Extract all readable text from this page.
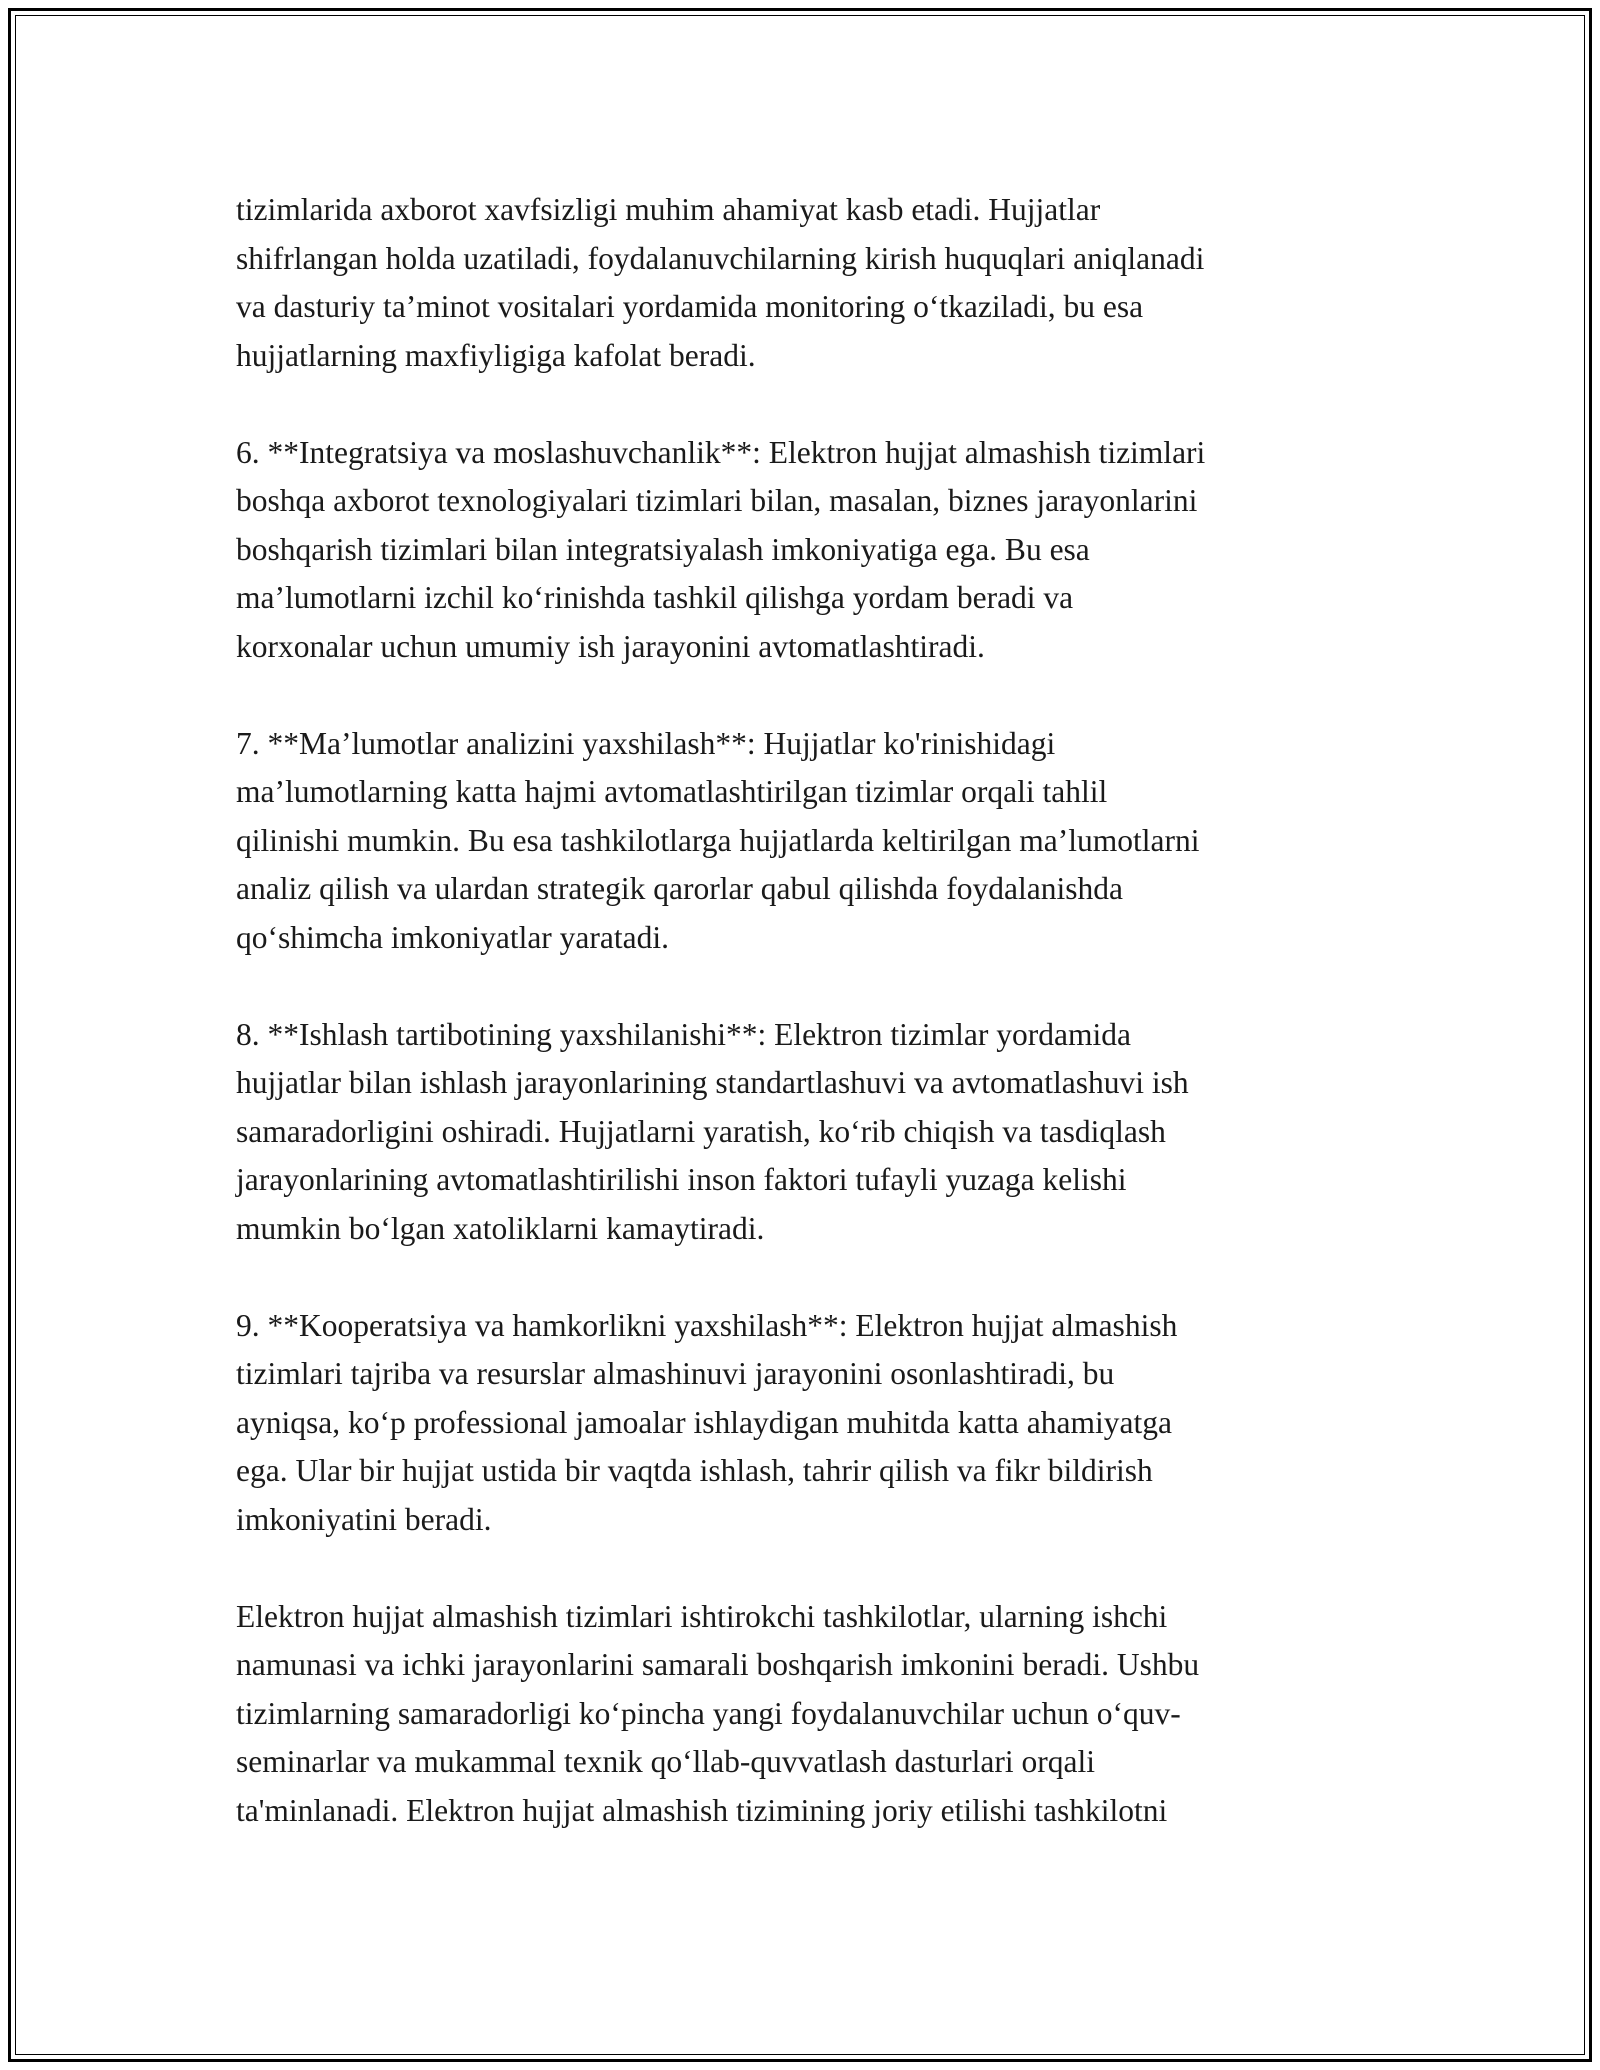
tizimlarida axborot xavfsizligi muhim ahamiyat kasb etadi. Hujjatlar
shifrlangan holda uzatiladi, foydalanuvchilarning kirish huquqlari aniqlanadi
va dasturiy ta’minot vositalari yordamida monitoring o‘tkaziladi, bu esa
hujjatlarning maxfiyligiga kafolat beradi.
6. **Integratsiya va moslashuvchanlik**: Elektron hujjat almashish tizimlari
boshqa axborot texnologiyalari tizimlari bilan, masalan, biznes jarayonlarini
boshqarish tizimlari bilan integratsiyalash imkoniyatiga ega. Bu esa
ma’lumotlarni izchil ko‘rinishda tashkil qilishga yordam beradi va
korxonalar uchun umumiy ish jarayonini avtomatlashtiradi.
7. **Ma’lumotlar analizini yaxshilash**: Hujjatlar ko'rinishidagi
ma’lumotlarning katta hajmi avtomatlashtirilgan tizimlar orqali tahlil
qilinishi mumkin. Bu esa tashkilotlarga hujjatlarda keltirilgan ma’lumotlarni
analiz qilish va ulardan strategik qarorlar qabul qilishda foydalanishda
qo‘shimcha imkoniyatlar yaratadi.
8. **Ishlash tartibotining yaxshilanishi**: Elektron tizimlar yordamida
hujjatlar bilan ishlash jarayonlarining standartlashuvi va avtomatlashuvi ish
samaradorligini oshiradi. Hujjatlarni yaratish, ko‘rib chiqish va tasdiqlash
jarayonlarining avtomatlashtirilishi inson faktori tufayli yuzaga kelishi
mumkin bo‘lgan xatoliklarni kamaytiradi.
9. **Kooperatsiya va hamkorlikni yaxshilash**: Elektron hujjat almashish
tizimlari tajriba va resurslar almashinuvi jarayonini osonlashtiradi, bu
ayniqsa, ko‘p professional jamoalar ishlaydigan muhitda katta ahamiyatga
ega. Ular bir hujjat ustida bir vaqtda ishlash, tahrir qilish va fikr bildirish
imkoniyatini beradi.
Elektron hujjat almashish tizimlari ishtirokchi tashkilotlar, ularning ishchi
namunasi va ichki jarayonlarini samarali boshqarish imkonini beradi. Ushbu
tizimlarning samaradorligi ko‘pincha yangi foydalanuvchilar uchun o‘quv-
seminarlar va mukammal texnik qo‘llab-quvvatlash dasturlari orqali
ta'minlanadi. Elektron hujjat almashish tizimining joriy etilishi tashkilotni
